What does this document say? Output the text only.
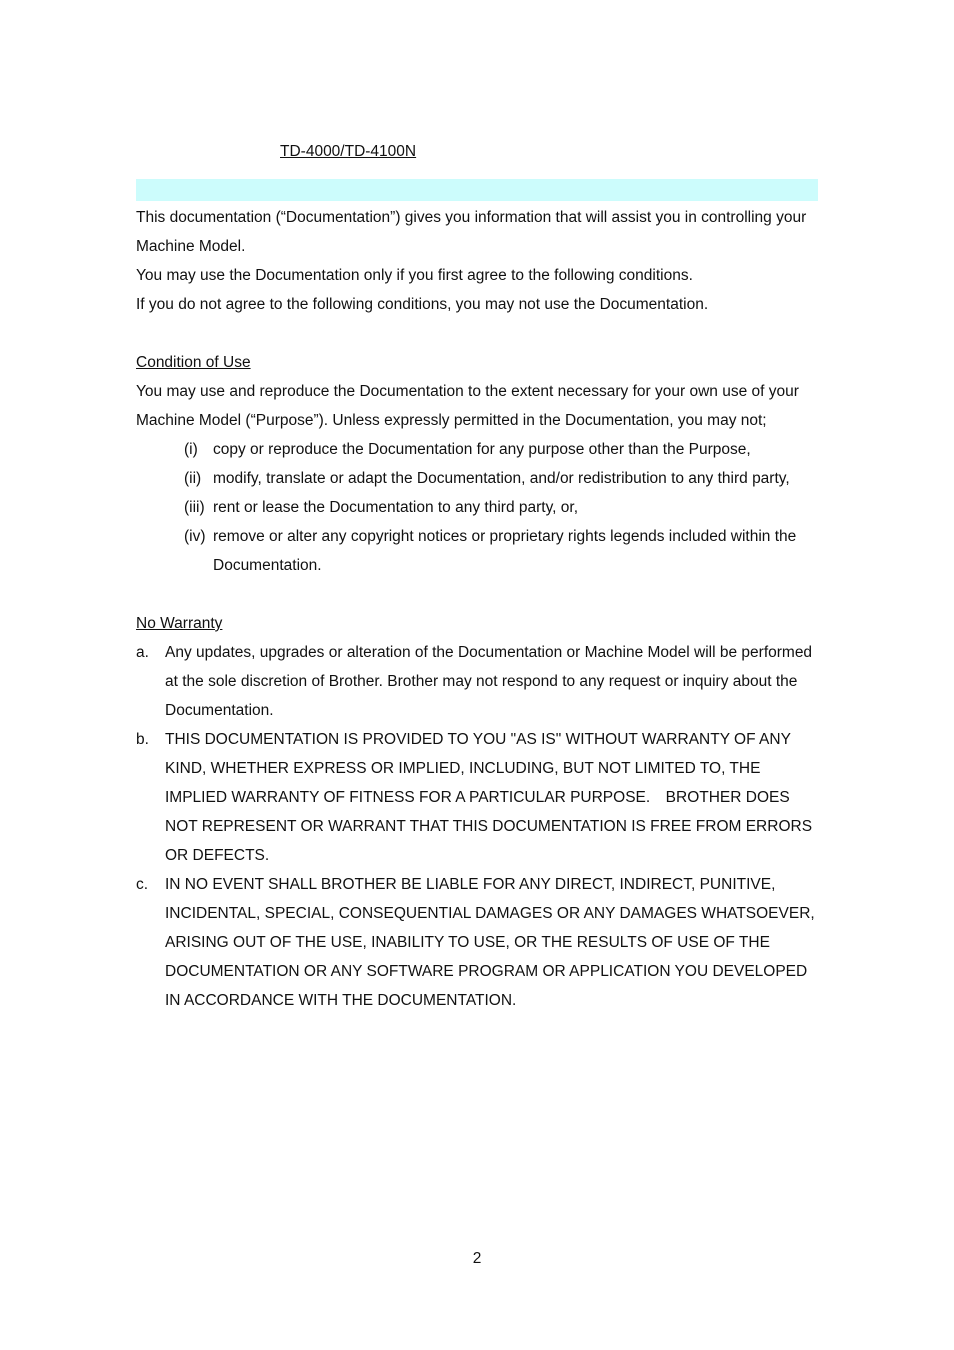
TD-4000/TD-4100N

This documentation (“Documentation”) gives you information that will assist you in controlling your Machine Model.

You may use the Documentation only if you first agree to the following conditions.

If you do not agree to the following conditions, you may not use the Documentation.

Condition of Use

You may use and reproduce the Documentation to the extent necessary for your own use of your Machine Model (“Purpose”). Unless expressly permitted in the Documentation, you may not;

(i) copy or reproduce the Documentation for any purpose other than the Purpose,
(ii) modify, translate or adapt the Documentation, and/or redistribution to any third party,
(iii) rent or lease the Documentation to any third party, or,
(iv) remove or alter any copyright notices or proprietary rights legends included within the Documentation.

No Warranty

a.	Any updates, upgrades or alteration of the Documentation or Machine Model will be performed at the sole discretion of Brother. Brother may not respond to any request or inquiry about the Documentation.
b.	THIS DOCUMENTATION IS PROVIDED TO YOU "AS IS" WITHOUT WARRANTY OF ANY KIND, WHETHER EXPRESS OR IMPLIED, INCLUDING, BUT NOT LIMITED TO, THE IMPLIED WARRANTY OF FITNESS FOR A PARTICULAR PURPOSE.　BROTHER DOES NOT REPRESENT OR WARRANT THAT THIS DOCUMENTATION IS FREE FROM ERRORS OR DEFECTS.
c.	IN NO EVENT SHALL BROTHER BE LIABLE FOR ANY DIRECT, INDIRECT, PUNITIVE, INCIDENTAL, SPECIAL, CONSEQUENTIAL DAMAGES OR ANY DAMAGES WHATSOEVER, ARISING OUT OF THE USE, INABILITY TO USE, OR THE RESULTS OF USE OF THE DOCUMENTATION OR ANY SOFTWARE PROGRAM OR APPLICATION YOU DEVELOPED IN ACCORDANCE WITH THE DOCUMENTATION.
2
